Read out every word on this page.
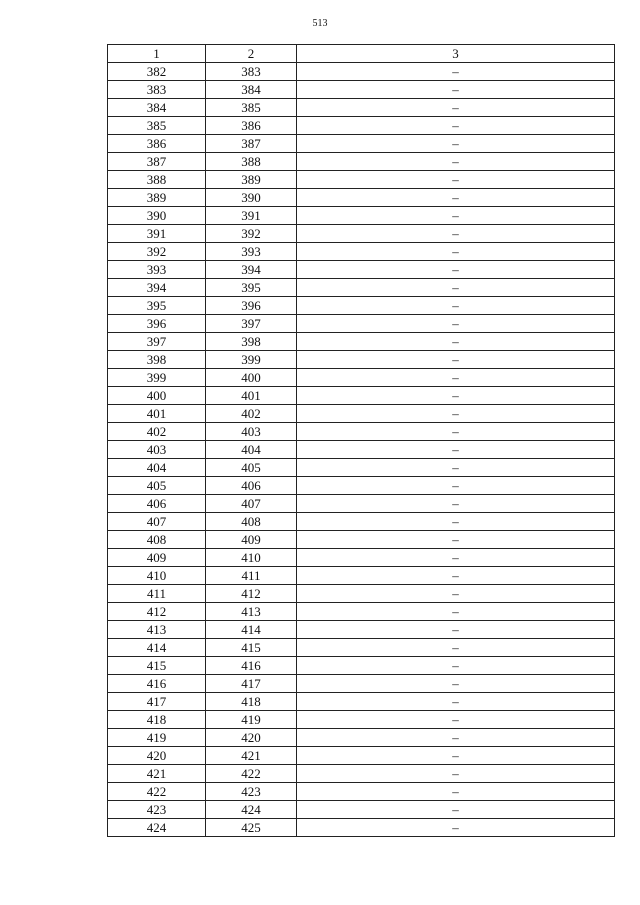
513
1	2	3
382	383	–
383	384	–
384	385	–
385	386	–
386	387	–
387	388	–
388	389	–
389	390	–
390	391	–
391	392	–
392	393	–
393	394	–
394	395	–
395	396	–
396	397	–
397	398	–
398	399	–
399	400	–
400	401	–
401	402	–
402	403	–
403	404	–
404	405	–
405	406	–
406	407	–
407	408	–
408	409	–
409	410	–
410	411	–
411	412	–
412	413	–
413	414	–
414	415	–
415	416	–
416	417	–
417	418	–
418	419	–
419	420	–
420	421	–
421	422	–
422	423	–
423	424	–
424	425	–
